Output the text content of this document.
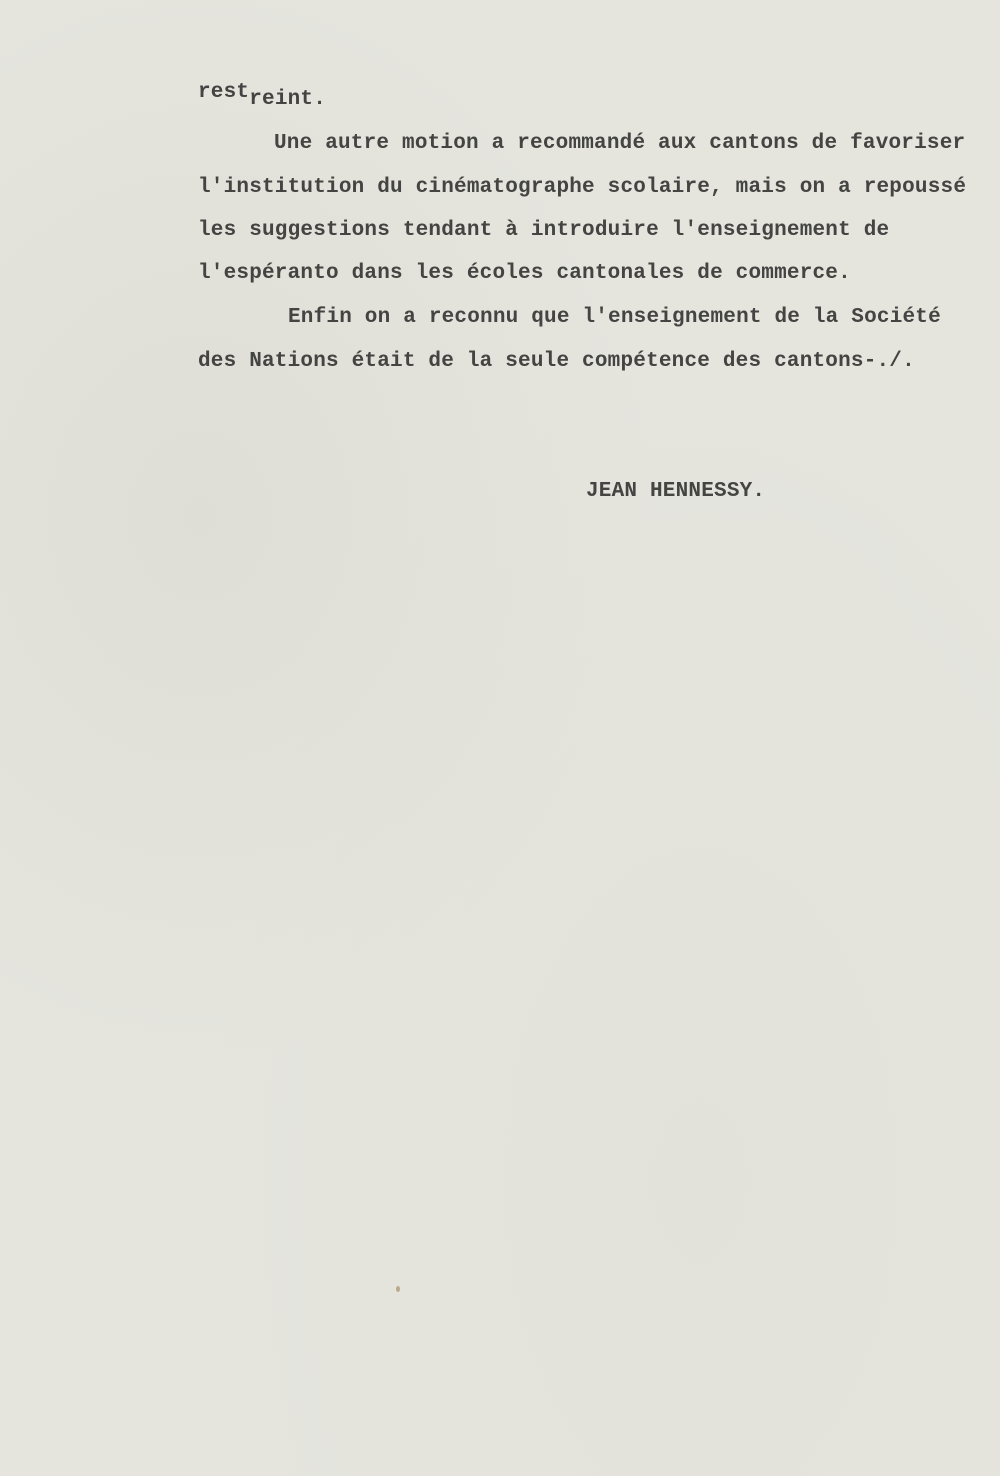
restreint.
Une autre motion a recommandé aux cantons de favoriser
l'institution du cinématographe scolaire, mais on a repoussé
les suggestions tendant à introduire l'enseignement de
l'espéranto dans les écoles cantonales de commerce.
Enfin on a reconnu que l'enseignement de la Société
des Nations était de la seule compétence des cantons-./.
JEAN HENNESSY.
